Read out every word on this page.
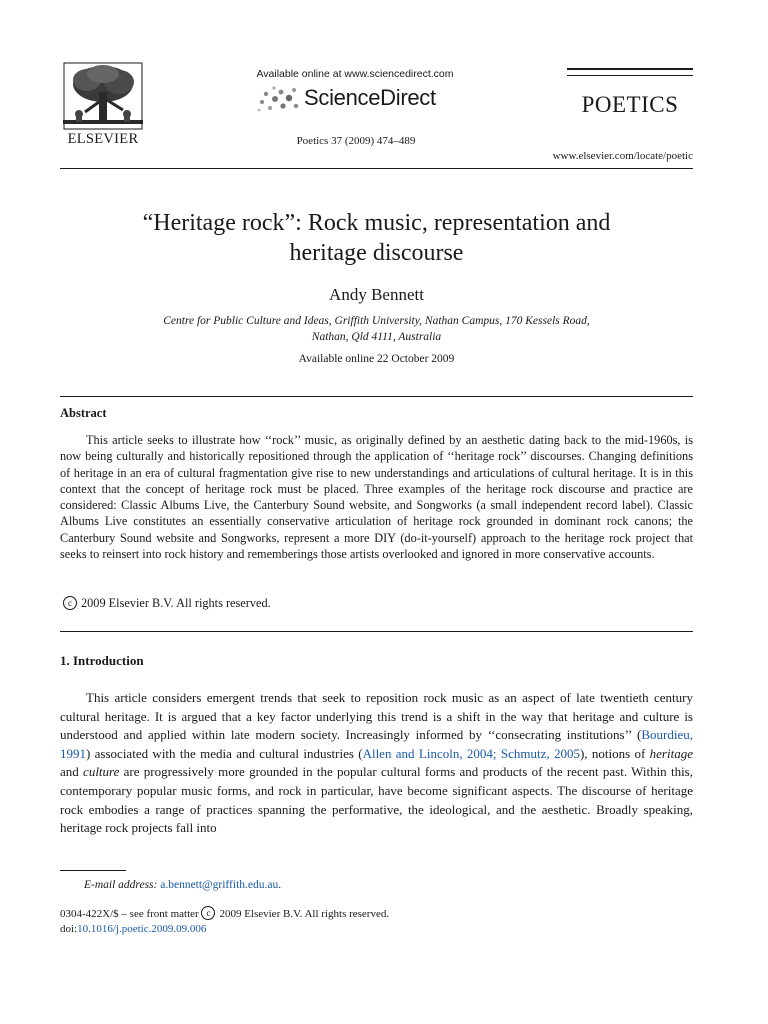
ELSEVIER
Available online at www.sciencedirect.com
ScienceDirect
Poetics 37 (2009) 474–489
POETICS
www.elsevier.com/locate/poetic
“Heritage rock”: Rock music, representation and
heritage discourse
Andy Bennett
Centre for Public Culture and Ideas, Griffith University, Nathan Campus, 170 Kessels Road,
Nathan, Qld 4111, Australia
Available online 22 October 2009
Abstract
This article seeks to illustrate how ‘‘rock’’ music, as originally defined by an aesthetic dating back to the mid-1960s, is now being culturally and historically repositioned through the application of ‘‘heritage rock’’ discourses. Changing definitions of heritage in an era of cultural fragmentation give rise to new understandings and articulations of cultural heritage. It is in this context that the concept of heritage rock must be placed. Three examples of the heritage rock discourse and practice are considered: Classic Albums Live, the Canterbury Sound website, and Songworks (a small independent record label). Classic Albums Live constitutes an essentially conservative articulation of heritage rock grounded in dominant rock canons; the Canterbury Sound website and Songworks, represent a more DIY (do-it-yourself) approach to the heritage rock project that seeks to reinsert into rock history and rememberings those artists overlooked and ignored in more conservative accounts.
c 2009 Elsevier B.V. All rights reserved.
1. Introduction
This article considers emergent trends that seek to reposition rock music as an aspect of late twentieth century cultural heritage. It is argued that a key factor underlying this trend is a shift in the way that heritage and culture is understood and applied within late modern society. Increasingly informed by ‘‘consecrating institutions’’ (Bourdieu, 1991) associated with the media and cultural industries (Allen and Lincoln, 2004; Schmutz, 2005), notions of heritage and culture are progressively more grounded in the popular cultural forms and products of the recent past. Within this, contemporary popular music forms, and rock in particular, have become significant aspects. The discourse of heritage rock embodies a range of practices spanning the performative, the ideological, and the aesthetic. Broadly speaking, heritage rock projects fall into
E-mail address: a.bennett@griffith.edu.au.
0304-422X/$ – see front matter c 2009 Elsevier B.V. All rights reserved.
doi:10.1016/j.poetic.2009.09.006
